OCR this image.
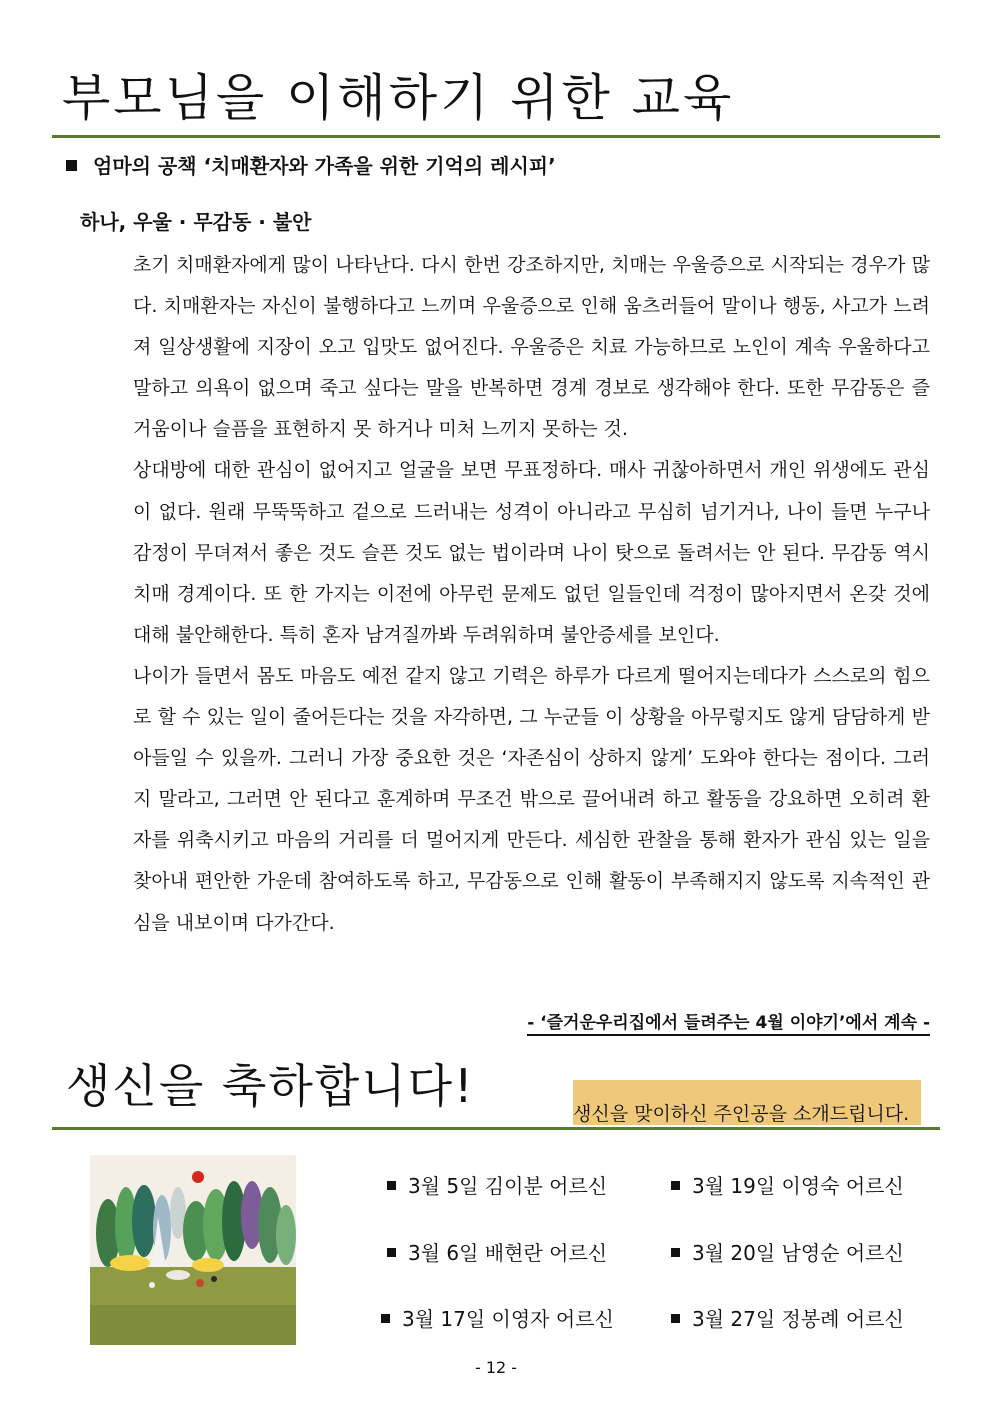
부모님을 이해하기 위한 교육
엄마의 공책 ‘치매환자와 가족을 위한 기억의 레시피’
하나, 우울 · 무감동 · 불안

초기 치매환자에게 많이 나타난다. 다시 한번 강조하지만, 치매는 우울증으로 시작되는 경우가 많다. 치매환자는 자신이 불행하다고 느끼며 우울증으로 인해 움츠러들어 말이나 행동, 사고가 느려져 일상생활에 지장이 오고 입맛도 없어진다. 우울증은 치료 가능하므로 노인이 계속 우울하다고 말하고 의욕이 없으며 죽고 싶다는 말을 반복하면 경계 경보로 생각해야 한다. 또한 무감동은 즐거움이나 슬픔을 표현하지 못 하거나 미처 느끼지 못하는 것.

상대방에 대한 관심이 없어지고 얼굴을 보면 무표정하다. 매사 귀찮아하면서 개인 위생에도 관심이 없다. 원래 무뚝뚝하고 겉으로 드러내는 성격이 아니라고 무심히 넘기거나, 나이 들면 누구나 감정이 무뎌져서 좋은 것도 슬픈 것도 없는 법이라며 나이 탓으로 돌려서는 안 된다. 무감동 역시 치매 경계이다. 또 한 가지는 이전에 아무런 문제도 없던 일들인데 걱정이 많아지면서 온갖 것에 대해 불안해한다. 특히 혼자 남겨질까봐 두려워하며 불안증세를 보인다.

나이가 들면서 몸도 마음도 예전 같지 않고 기력은 하루가 다르게 떨어지는데다가 스스로의 힘으로 할 수 있는 일이 줄어든다는 것을 자각하면, 그 누군들 이 상황을 아무렇지도 않게 담담하게 받아들일 수 있을까. 그러니 가장 중요한 것은 ‘자존심이 상하지 않게’ 도와야 한다는 점이다. 그러지 말라고, 그러면 안 된다고 훈계하며 무조건 밖으로 끌어내려 하고 활동을 강요하면 오히려 환자를 위축시키고 마음의 거리를 더 멀어지게 만든다. 세심한 관찰을 통해 환자가 관심 있는 일을 찾아내 편안한 가운데 참여하도록 하고, 무감동으로 인해 활동이 부족해지지 않도록 지속적인 관심을 내보이며 다가간다.

- ‘즐거운우리집에서 들려주는 4월 이야기’에서 계속 -
생신을 축하합니다!
생신을 맞이하신 주인공을 소개드립니다.
3월 5일 김이분 어르신	3월 19일 이영숙 어르신
3월 6일 배현란 어르신	3월 20일 남영순 어르신
3월 17일 이영자 어르신	3월 27일 정봉례 어르신
- 12 -
